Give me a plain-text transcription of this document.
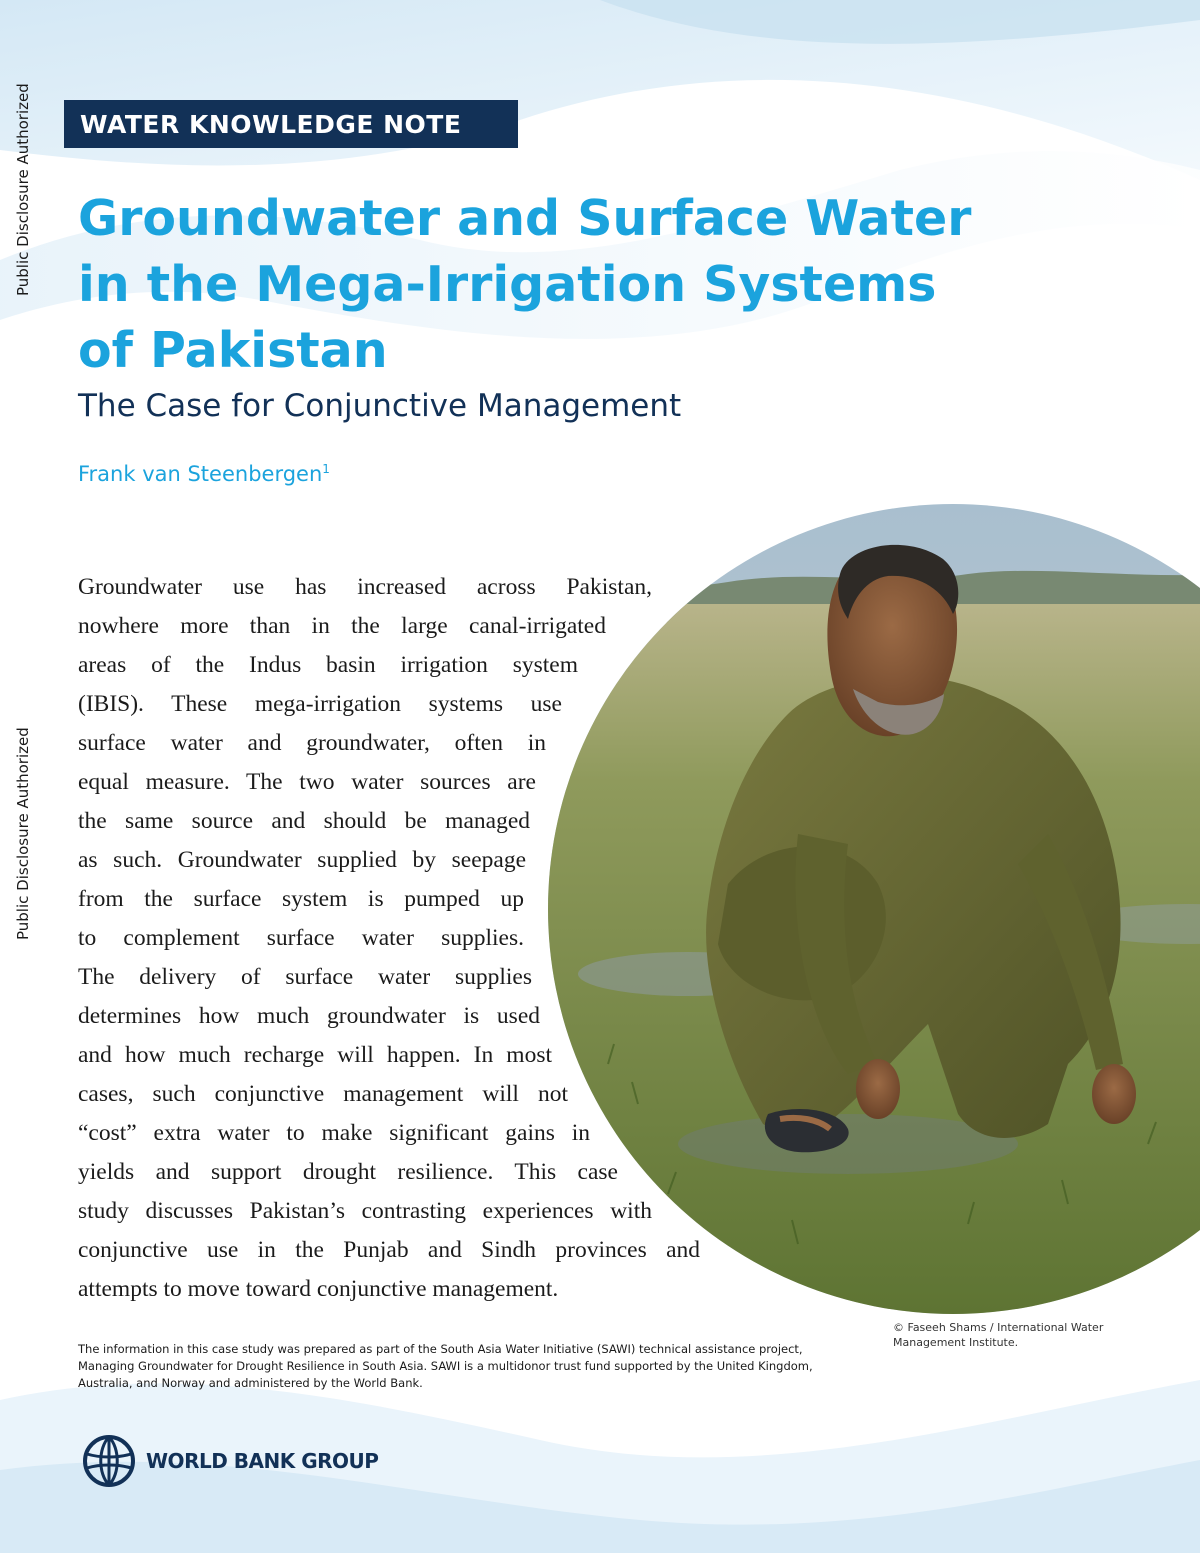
Public Disclosure Authorized
Public Disclosure Authorized
WATER KNOWLEDGE NOTE
Groundwater and Surface Water
in the Mega-Irrigation Systems
of Pakistan
The Case for Conjunctive Management
Frank van Steenbergen$^1$
Groundwater use has increased across Pakistan,
nowhere more than in the large canal-irrigated
areas of the Indus basin irrigation system
(IBIS). These mega-irrigation systems use
surface water and groundwater, often in
equal measure. The two water sources are
the same source and should be managed
as such. Groundwater supplied by seepage
from the surface system is pumped up
to complement surface water supplies.
The delivery of surface water supplies
determines how much groundwater is used
and how much recharge will happen. In most
cases, such conjunctive management will not
“cost” extra water to make significant gains in
yields and support drought resilience. This case
study discusses Pakistan’s contrasting experiences with
conjunctive use in the Punjab and Sindh provinces and
attempts to move toward conjunctive management.
© Faseeh Shams / International Water Management Institute.
The information in this case study was prepared as part of the South Asia Water Initiative (SAWI) technical assistance project, Managing Groundwater for Drought Resilience in South Asia. SAWI is a multidonor trust fund supported by the United Kingdom, Australia, and Norway and administered by the World Bank.
WORLD BANK GROUP
